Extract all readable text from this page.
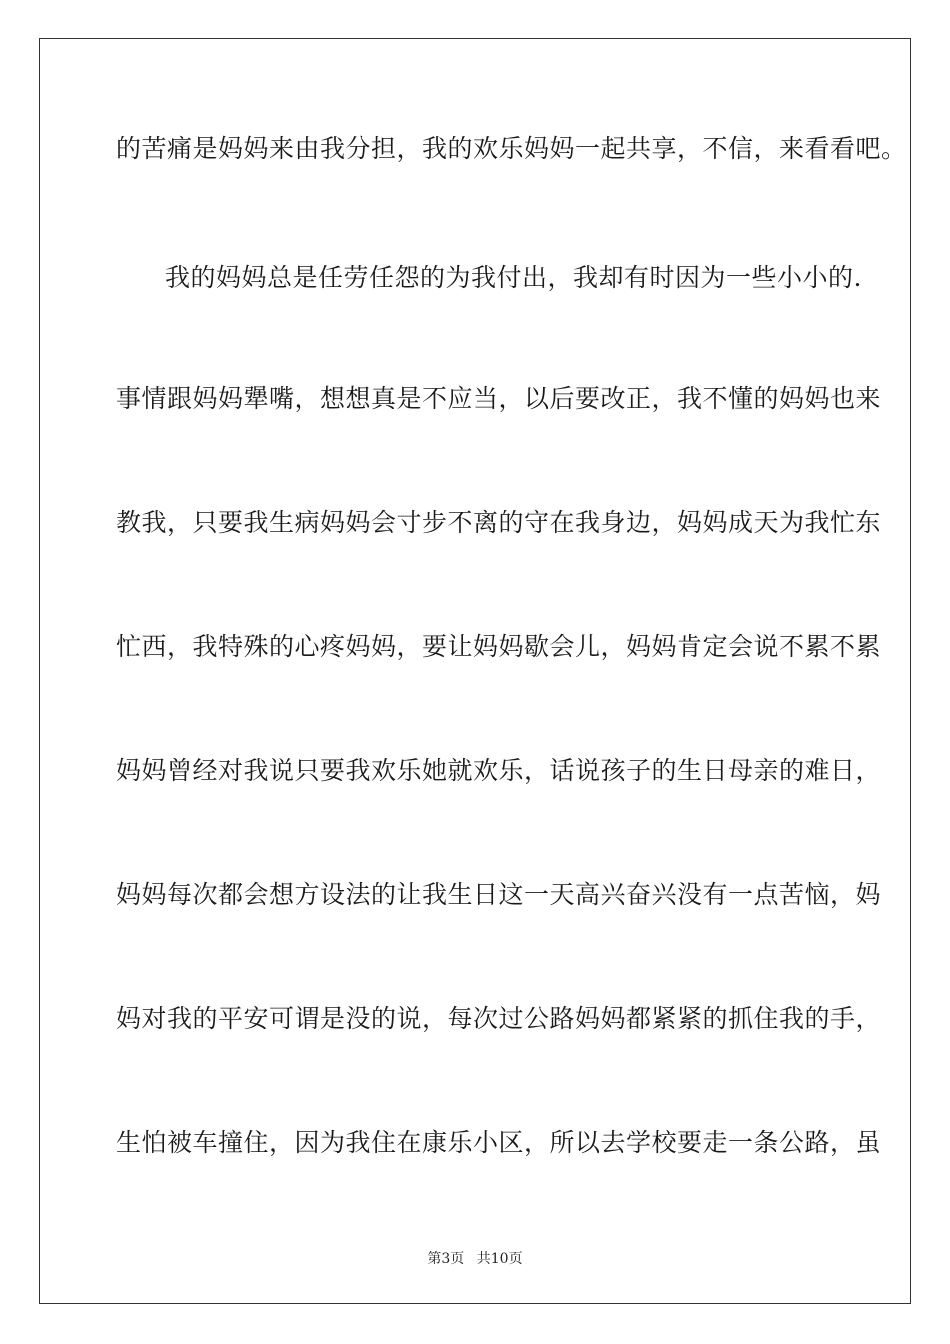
的苦痛是妈妈来由我分担，我的欢乐妈妈一起共享，不信，来看看吧。
我的妈妈总是任劳任怨的为我付出，我却有时因为一些小小的.
事情跟妈妈犟嘴，想想真是不应当，以后要改正，我不懂的妈妈也来
教我，只要我生病妈妈会寸步不离的守在我身边，妈妈成天为我忙东
忙西，我特殊的心疼妈妈，要让妈妈歇会儿，妈妈肯定会说不累不累
妈妈曾经对我说只要我欢乐她就欢乐，话说孩子的生日母亲的难日，
妈妈每次都会想方设法的让我生日这一天高兴奋兴没有一点苦恼，妈
妈对我的平安可谓是没的说，每次过公路妈妈都紧紧的抓住我的手，
生怕被车撞住，因为我住在康乐小区，所以去学校要走一条公路，虽
第3页 共10页
